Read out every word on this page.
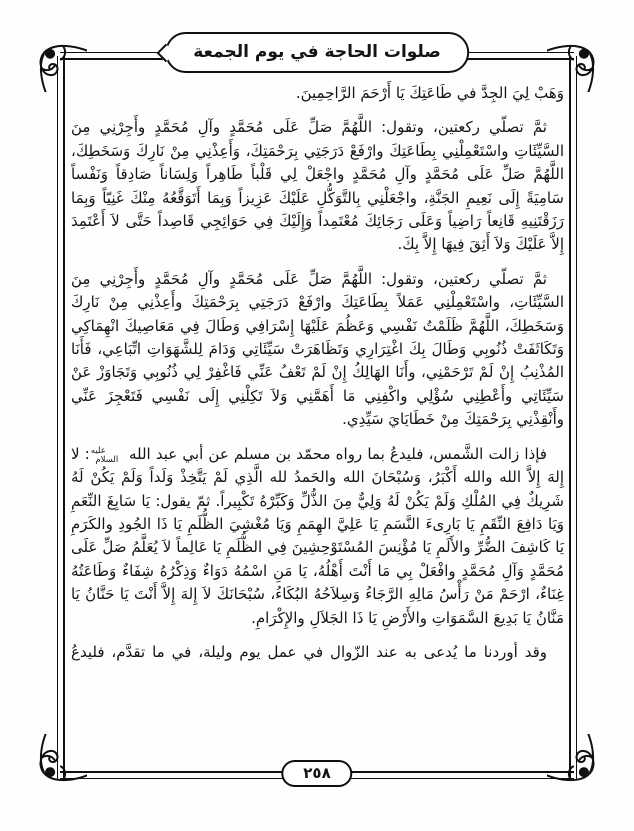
صلوات الحاجة في يوم الجمعة

وَهَبْ لِيَ الجِدَّ في طَاعَتِكَ يَا أَرْحَمَ الرَّاحِمِينَ.

ثمَّ تصلّي ركعتين، وتقول: اللَّهُمَّ صَلِّ عَلَى مُحَمَّدٍ وآلِ مُحَمَّدٍ وأَجِرْنِي مِنَ السَّيِّئَاتِ واسْتَعْمِلْنِي بِطَاعَتِكَ وارْفَعْ دَرَجَتِي بِرَحْمَتِكَ، وَأَعِذْنِي مِنْ نَارِكَ وَسَخَطِكَ، اللَّهُمَّ صَلِّ عَلَى مُحَمَّدٍ وآلِ مُحَمَّدٍ واجْعَلْ لِي قَلْباً طَاهِراً وَلِسَاناً صَادِقاً وَنَفْساً سَامِيَةً إِلَى نَعِيمِ الجَنَّةِ، واجْعَلْنِي بِالتَّوَكُّلِ عَلَيْكَ عَزِيزاً وَبِمَا أَتَوَقَّعُهُ مِنْكَ غَنِيّاً وَبِمَا رَزَقْتَنِيهِ قَانِعاً رَاضِياً وَعَلَى رَجَائِكَ مُعْتَمِداً وَإِلَيْكَ فِي حَوَائِجِي قَاصِداً حَتَّى لاَ أَعْتَمِدَ إِلاَّ عَلَيْكَ وَلاَ أَثِقَ فِيهَا إِلاَّ بِكَ.

ثمَّ تصلّي ركعتين، وتقول: اللَّهُمَّ صَلِّ عَلَى مُحَمَّدٍ وآلِ مُحَمَّدٍ وأَجِرْنِي مِنَ السَّيِّئَاتِ، واسْتَعْمِلْنِي عَمَلاً بِطَاعَتِكَ وارْفَعْ دَرَجَتِي بِرَحْمَتِكَ وأَعِذْنِي مِنْ نَارِكَ وَسَخَطِكَ، اللَّهُمَّ ظَلَمْتُ نَفْسِي وَعَظُمَ عَلَيْهَا إِسْرَافِي وَطَالَ فِي مَعَاصِيكَ انْهِمَاكِي وَتَكَاثَفَتْ ذُنُوبِي وَطَالَ بِكَ اغْتِرَارِي وَتَظَاهَرَتْ سَيِّئَاتِي وَدَامَ لِلشَّهَوَاتِ اتِّبَاعِي، فَأَنَا المُذْنِبُ إِنْ لَمْ تَرْحَمْنِي، وأَنَا الهَالِكُ إِنْ لَمْ تَعْفُ عَنِّي فَاغْفِرْ لِي ذُنُوبِي وَتَجَاوَزْ عَنْ سَيِّئَاتِي وأَعْطِنِي سُؤْلِي واكْفِنِي مَا أَهَمَّنِي وَلاَ تَكِلْنِي إِلَى نَفْسِي فَتَعْجِزَ عَنِّي وأَنْقِذْنِي بِرَحْمَتِكَ مِنْ خَطَايَايَ سَيِّدِي.

فإذا زالت الشَّمس، فليدعُ بما رواه محمّد بن مسلم عن أبي عبد الله عليه السلام: لا إِلهَ إِلاَّ الله والله أَكْبَرُ، وَسُبْحَانَ الله والحَمدُ لله الَّذِي لَمْ يَتَّخِذْ وَلَداً وَلَمْ يَكُنْ لَهُ شَرِيكٌ فِي المُلْكِ وَلَمْ يَكُنْ لَهُ وَلِيٌّ مِنَ الذُّلِّ وَكَبِّرْهُ تَكْبِيراً. ثمّ يقول: يَا سَابِغَ النِّعَمِ وَيَا دَافِعَ النِّقَمِ يَا بَارِىءَ النَّسَمِ يَا عَلِيَّ الهِمَمِ وَيَا مُغْشِيَ الظُّلَمِ يَا ذَا الجُودِ والكَرَمِ يَا كَاشِفَ الضُّرِّ والأَلَمِ يَا مُؤْنِسَ المُسْتَوْحِشِينَ فِي الظُّلَمِ يَا عَالِماً لاَ يُعَلَّمُ صَلِّ عَلَى مُحَمَّدٍ وَآلِ مُحَمَّدٍ وافْعَلْ بِي مَا أَنْتَ أَهْلُهُ، يَا مَنِ اسْمُهُ دَوَاءٌ وَذِكْرُهُ شِفَاءٌ وَطَاعَتُهُ غِنَاءٌ، ارْحَمْ مَنْ رَأْسُ مَالِهِ الرَّجَاءُ وَسِلاَحُهُ البُكَاءُ، سُبْحَانَكَ لاَ إِلهَ إِلاَّ أَنْتَ يَا حَنَّانُ يَا مَنَّانُ يَا بَدِيعَ السَّمَوَاتِ والأَرْضِ يَا ذَا الجَلاَلِ والإِكْرَامِ.

وقد أوردنا ما يُدعى به عند الزّوال في عمل يوم وليلة، في ما تقدَّم، فليدعُ

٢٥٨
